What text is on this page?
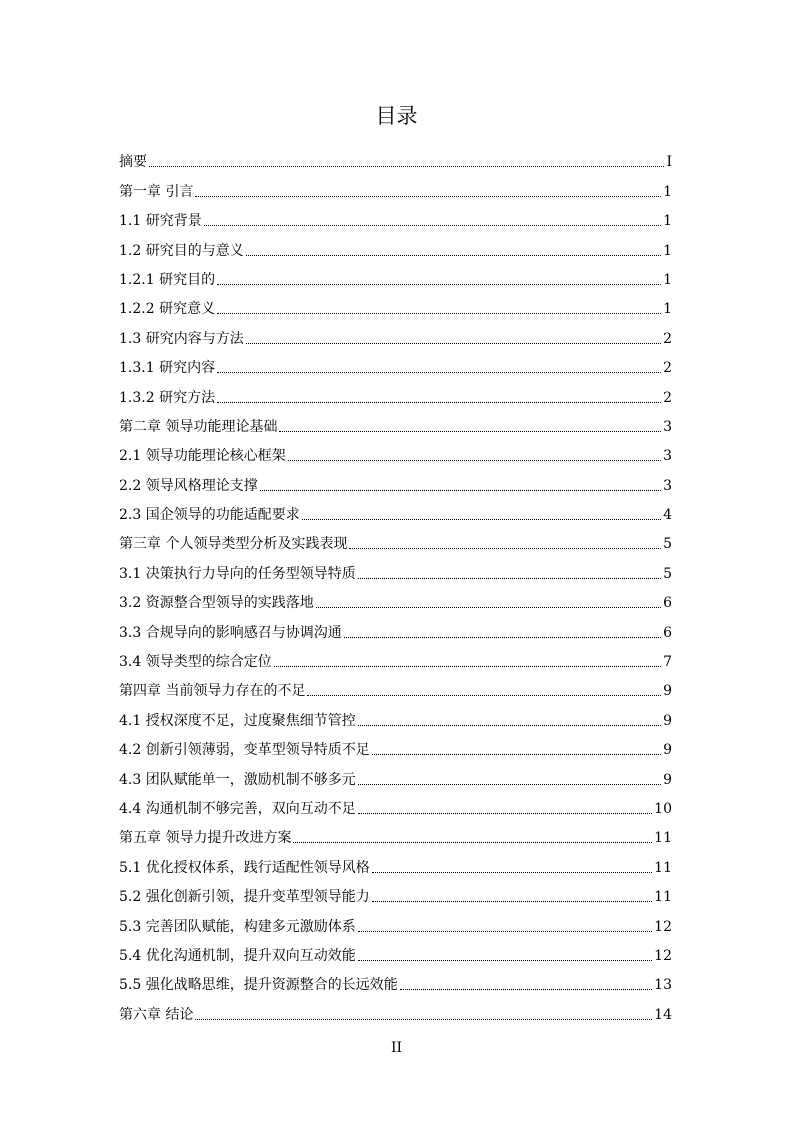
目录
摘要	I
第一章 引言	1
1.1 研究背景	1
1.2 研究目的与意义	1
1.2.1 研究目的	1
1.2.2 研究意义	1
1.3 研究内容与方法	2
1.3.1 研究内容	2
1.3.2 研究方法	2
第二章 领导功能理论基础	3
2.1 领导功能理论核心框架	3
2.2 领导风格理论支撑	3
2.3 国企领导的功能适配要求	4
第三章 个人领导类型分析及实践表现	5
3.1 决策执行力导向的任务型领导特质	5
3.2 资源整合型领导的实践落地	6
3.3 合规导向的影响感召与协调沟通	6
3.4 领导类型的综合定位	7
第四章 当前领导力存在的不足	9
4.1 授权深度不足，过度聚焦细节管控	9
4.2 创新引领薄弱，变革型领导特质不足	9
4.3 团队赋能单一，激励机制不够多元	9
4.4 沟通机制不够完善，双向互动不足	10
第五章 领导力提升改进方案	11
5.1 优化授权体系，践行适配性领导风格	11
5.2 强化创新引领，提升变革型领导能力	11
5.3 完善团队赋能，构建多元激励体系	12
5.4 优化沟通机制，提升双向互动效能	12
5.5 强化战略思维，提升资源整合的长远效能	13
第六章 结论	14
II
